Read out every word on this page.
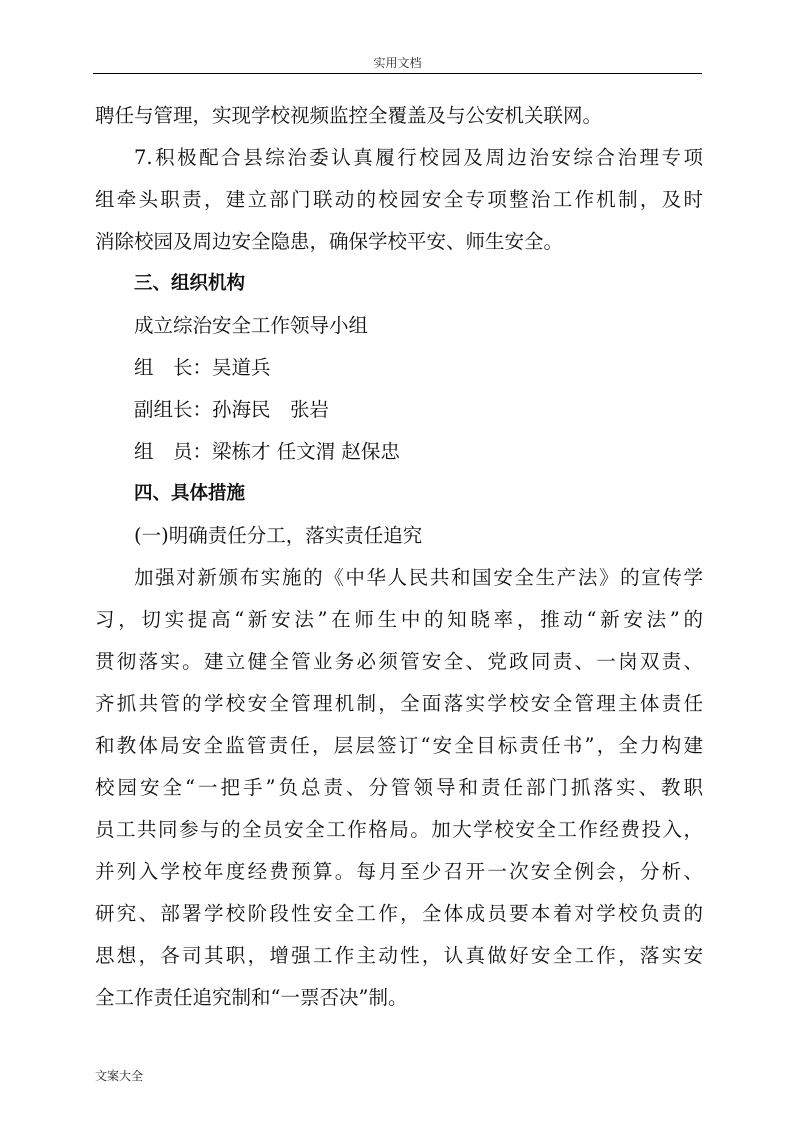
实用文档
聘任与管理，实现学校视频监控全覆盖及与公安机关联网。
7.积极配合县综治委认真履行校园及周边治安综合治理专项
组牵头职责，建立部门联动的校园安全专项整治工作机制，及时
消除校园及周边安全隐患，确保学校平安、师生安全。
三、组织机构
成立综治安全工作领导小组
组　长：吴道兵
副组长：孙海民　张岩
组　员：梁栋才 任文渭 赵保忠
四、具体措施
(一)明确责任分工，落实责任追究
加强对新颁布实施的《中华人民共和国安全生产法》的宣传学
习，切实提高“新安法”在师生中的知晓率，推动“新安法”的
贯彻落实。建立健全管业务必须管安全、党政同责、一岗双责、
齐抓共管的学校安全管理机制，全面落实学校安全管理主体责任
和教体局安全监管责任，层层签订“安全目标责任书”，全力构建
校园安全“一把手”负总责、分管领导和责任部门抓落实、教职
员工共同参与的全员安全工作格局。加大学校安全工作经费投入，
并列入学校年度经费预算。每月至少召开一次安全例会，分析、
研究、部署学校阶段性安全工作，全体成员要本着对学校负责的
思想，各司其职，增强工作主动性，认真做好安全工作，落实安
全工作责任追究制和“一票否决”制。
文案大全
